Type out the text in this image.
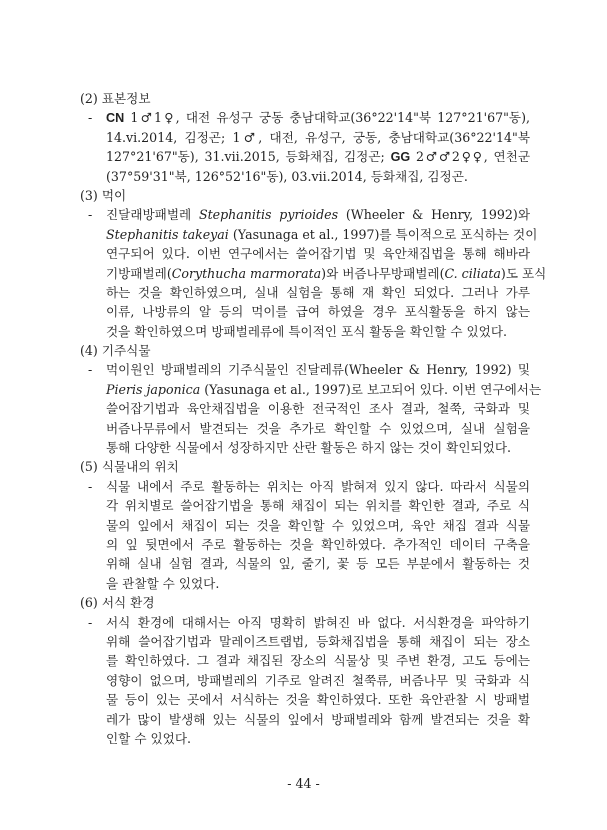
(2) 표본정보
- CN 1♂1♀, 대전 유성구 궁동 충남대학교(36°22'14"북 127°21'67"동),
14.vi.2014, 김정곤; 1♂, 대전, 유성구, 궁동, 충남대학교(36°22'14"북
127°21'67"동), 31.vii.2015, 등화채집, 김정곤; GG 2♂♂2♀♀, 연천군
(37°59'31"북, 126°52'16"동), 03.vii.2014, 등화채집, 김정곤.
(3) 먹이
- 진달래방패벌레 Stephanitis pyrioides (Wheeler & Henry, 1992)와
Stephanitis takeyai (Yasunaga et al., 1997)를 특이적으로 포식하는 것이
연구되어 있다. 이번 연구에서는 쓸어잡기법 및 육안채집법을 통해 해바라
기방패벌레(Corythucha marmorata)와 버즘나무방패벌레(C. ciliata)도 포식
하는 것을 확인하였으며, 실내 실험을 통해 재 확인 되었다. 그러나 가루
이류, 나방류의 알 등의 먹이를 급여 하였을 경우 포식활동을 하지 않는
것을 확인하였으며 방패벌레류에 특이적인 포식 활동을 확인할 수 있었다.
(4) 기주식물
- 먹이원인 방패벌레의 기주식물인 진달레류(Wheeler & Henry, 1992) 및
Pieris japonica (Yasunaga et al., 1997)로 보고되어 있다. 이번 연구에서는
쓸어잡기법과 육안채집법을 이용한 전국적인 조사 결과, 철쭉, 국화과 및
버즘나무류에서 발견되는 것을 추가로 확인할 수 있었으며, 실내 실험을
통해 다양한 식물에서 성장하지만 산란 활동은 하지 않는 것이 확인되었다.
(5) 식물내의 위치
- 식물 내에서 주로 활동하는 위치는 아직 밝혀져 있지 않다. 따라서 식물의
각 위치별로 쓸어잡기법을 통해 채집이 되는 위치를 확인한 결과, 주로 식
물의 잎에서 채집이 되는 것을 확인할 수 있었으며, 육안 채집 결과 식물
의 잎 뒷면에서 주로 활동하는 것을 확인하였다. 추가적인 데이터 구축을
위해 실내 실험 결과, 식물의 잎, 줄기, 꽃 등 모든 부분에서 활동하는 것
을 관찰할 수 있었다.
(6) 서식 환경
- 서식 환경에 대해서는 아직 명확히 밝혀진 바 없다. 서식환경을 파악하기
위해 쓸어잡기법과 말레이즈트랩법, 등화채집법을 통해 채집이 되는 장소
를 확인하였다. 그 결과 채집된 장소의 식물상 및 주변 환경, 고도 등에는
영향이 없으며, 방패벌레의 기주로 알려진 철쭉류, 버즘나무 및 국화과 식
물 등이 있는 곳에서 서식하는 것을 확인하였다. 또한 육안관찰 시 방패벌
레가 많이 발생해 있는 식물의 잎에서 방패벌레와 함께 발견되는 것을 확
인할 수 있었다.
- 44 -
